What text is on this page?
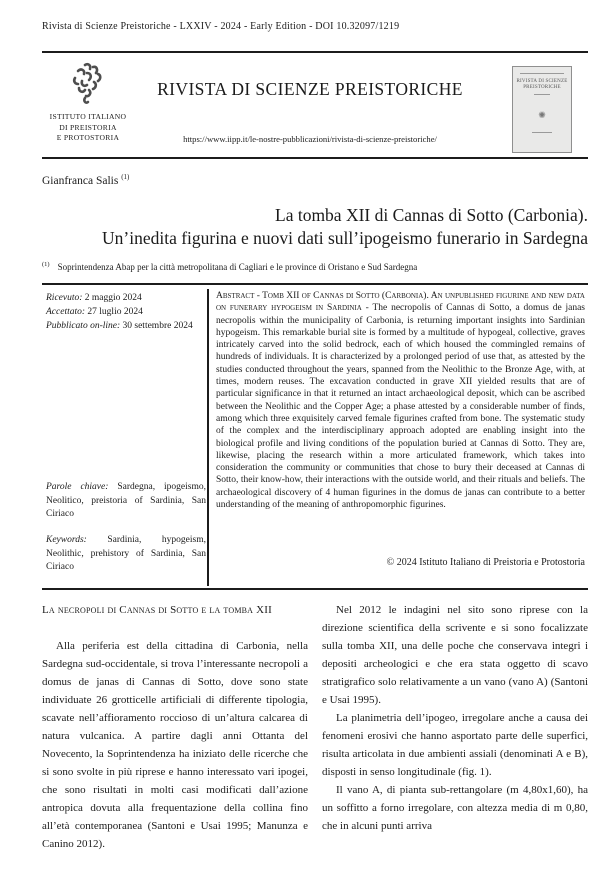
Rivista di Scienze Preistoriche - LXXIV - 2024 - Early Edition - DOI 10.32097/1219
ISTITUTO ITALIANO
DI PREISTORIA
E PROTOSTORIA
RIVISTA DI SCIENZE PREISTORICHE
https://www.iipp.it/le-nostre-pubblicazioni/rivista-di-scienze-preistoriche/
RIVISTA DI SCIENZE PREISTORICHE
✺
Gianfranca Salis $^{(1)}$
La tomba XII di Cannas di Sotto (Carbonia).
Un’inedita figurina e nuovi dati sull’ipogeismo funerario in Sardegna
$^{(1)}$ Soprintendenza Abap per la città metropolitana di Cagliari e le province di Oristano e Sud Sardegna
Ricevuto: 2 maggio 2024
Accettato: 27 luglio 2024
Pubblicato on-line: 30 settembre 2024
Abstract - Tomb XII of Cannas di Sotto (Carbonia). An unpublished figurine and new data on funerary hypogeism in Sardinia - The necropolis of Cannas di Sotto, a domus de janas necropolis within the municipality of Carbonia, is returning important insights into Sardinian hypogeism. This remarkable burial site is formed by a multitude of hypogeal, collective, graves intricately carved into the solid bedrock, each of which housed the commingled remains of hundreds of individuals. It is characterized by a prolonged period of use that, as attested by the studies conducted throughout the years, spanned from the Neolithic to the Bronze Age, with, at times, modern reuses. The excavation conducted in grave XII yielded results that are of particular significance in that it returned an intact archaeological deposit, which can be ascribed between the Neolithic and the Copper Age; a phase attested by a considerable number of finds, among which three exquisitely carved female figurines crafted from bone. The systematic study of the complex and the interdisciplinary approach adopted are enabling insight into the biological profile and living conditions of the population buried at Cannas di Sotto. They are, likewise, placing the research within a more articulated framework, which takes into consideration the community or communities that chose to bury their deceased at Cannas di Sotto, their know-how, their interactions with the outside world, and their rituals and beliefs. The archaeological discovery of 4 human figurines in the domus de janas can contribute to a better understanding of the meaning of anthropomorphic figurines.
Parole chiave: Sardegna, ipogeismo, Neolitico, preistoria of Sardinia, San Ciriaco
Keywords: Sardinia, hypogeism, Neolithic, prehistory of Sardinia, San Ciriaco	© 2024 Istituto Italiano di Preistoria e Protostoria
La necropoli di Cannas di Sotto e la tomba XII

Alla periferia est della cittadina di Carbonia, nella Sardegna sud-occidentale, si trova l’interessante necropoli a domus de janas di Cannas di Sotto, dove sono state individuate 26 grotticelle artificiali di differente tipologia, scavate nell’affioramento roccioso di un’altura calcarea di natura vulcanica. A partire dagli anni Ottanta del Novecento, la Soprintendenza ha iniziato delle ricerche che si sono svolte in più riprese e hanno interessato vari ipogei, che sono risultati in molti casi modificati dall’azione antropica dovuta alla frequentazione della collina fino all’età contemporanea (Santoni e Usai 1995; Manunza e Canino 2012).

Nel 2012 le indagini nel sito sono riprese con la direzione scientifica della scrivente e si sono focalizzate sulla tomba XII, una delle poche che conservava integri i depositi archeologici e che era stata oggetto di scavo stratigrafico solo relativamente a un vano (vano A) (Santoni e Usai 1995).

La planimetria dell’ipogeo, irregolare anche a causa dei fenomeni erosivi che hanno asportato parte delle superfici, risulta articolata in due ambienti assiali (denominati A e B), disposti in senso longitudinale (fig. 1).

Il vano A, di pianta sub-rettangolare (m 4,80x1,60), ha un soffitto a forno irregolare, con altezza media di m 0,80, che in alcuni punti arriva
